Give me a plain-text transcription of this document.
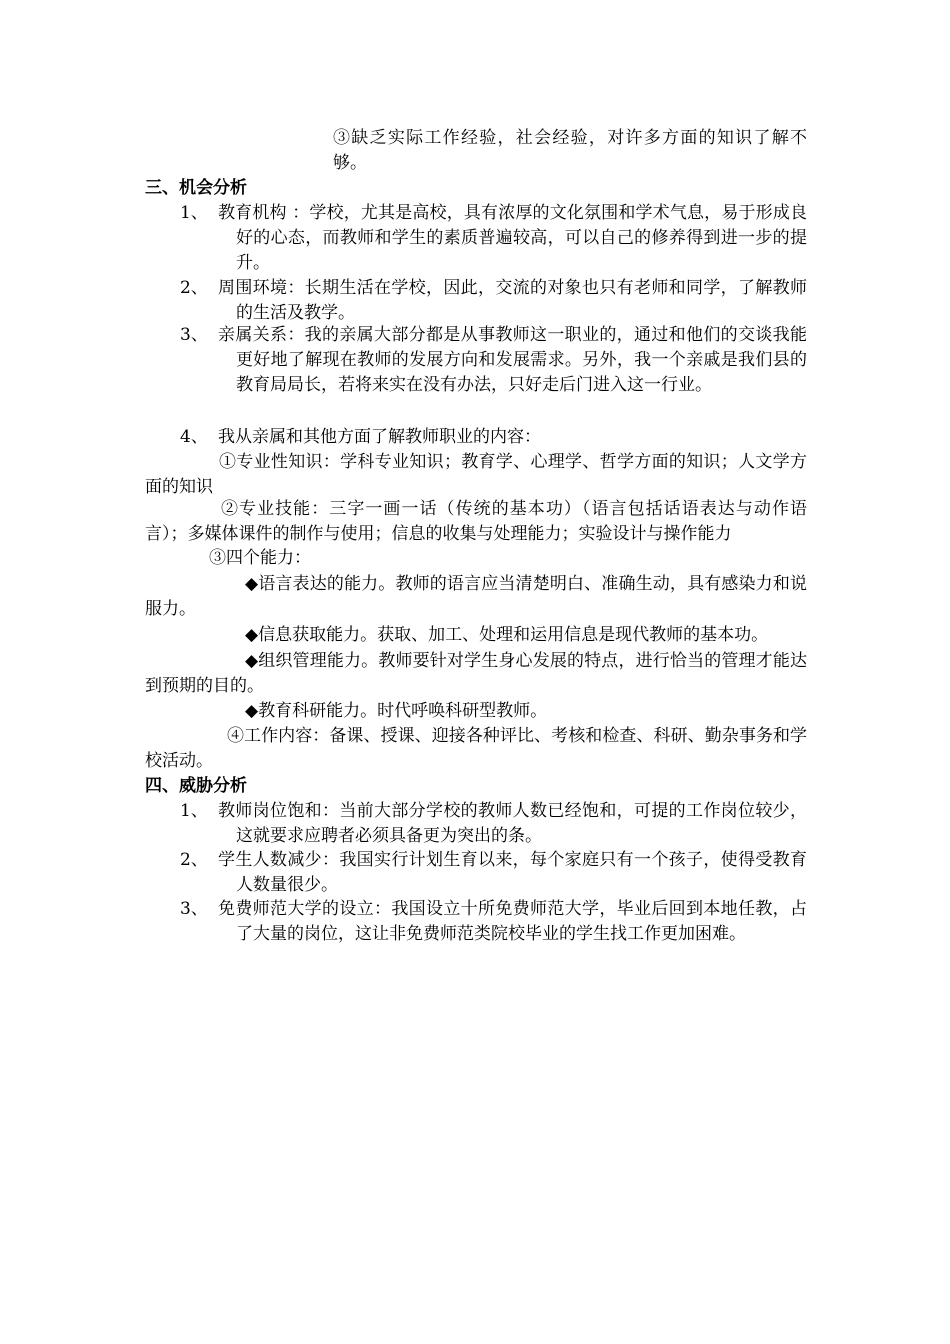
③缺乏实际工作经验，社会经验，对许多方面的知识了解不够。

三、机会分析

1、 教育机构 ：学校，尤其是高校，具有浓厚的文化氛围和学术气息，易于形成良好的心态，而教师和学生的素质普遍较高，可以自己的修养得到进一步的提升。
2、 周围环境：长期生活在学校，因此，交流的对象也只有老师和同学，了解教师的生活及教学。
3、 亲属关系：我的亲属大部分都是从事教师这一职业的，通过和他们的交谈我能更好地了解现在教师的发展方向和发展需求。另外，我一个亲戚是我们县的教育局局长，若将来实在没有办法，只好走后门进入这一行业。
4、 我从亲属和其他方面了解教师职业的内容：

①专业性知识：学科专业知识；教育学、心理学、哲学方面的知识；人文学方面的知识

②专业技能：三字一画一话（传统的基本功）（语言包括话语表达与动作语言）；多媒体课件的制作与使用；信息的收集与处理能力；实验设计与操作能力

③四个能力：

◆语言表达的能力。教师的语言应当清楚明白、准确生动，具有感染力和说服力。

◆信息获取能力。获取、加工、处理和运用信息是现代教师的基本功。

◆组织管理能力。教师要针对学生身心发展的特点，进行恰当的管理才能达到预期的目的。

◆教育科研能力。时代呼唤科研型教师。

④工作内容：备课、授课、迎接各种评比、考核和检查、科研、勤杂事务和学校活动。

四、威胁分析

1、 教师岗位饱和：当前大部分学校的教师人数已经饱和，可提的工作岗位较少，这就要求应聘者必须具备更为突出的条。
2、 学生人数减少：我国实行计划生育以来，每个家庭只有一个孩子，使得受教育人数量很少。
3、 免费师范大学的设立：我国设立十所免费师范大学，毕业后回到本地任教，占了大量的岗位，这让非免费师范类院校毕业的学生找工作更加困难。
